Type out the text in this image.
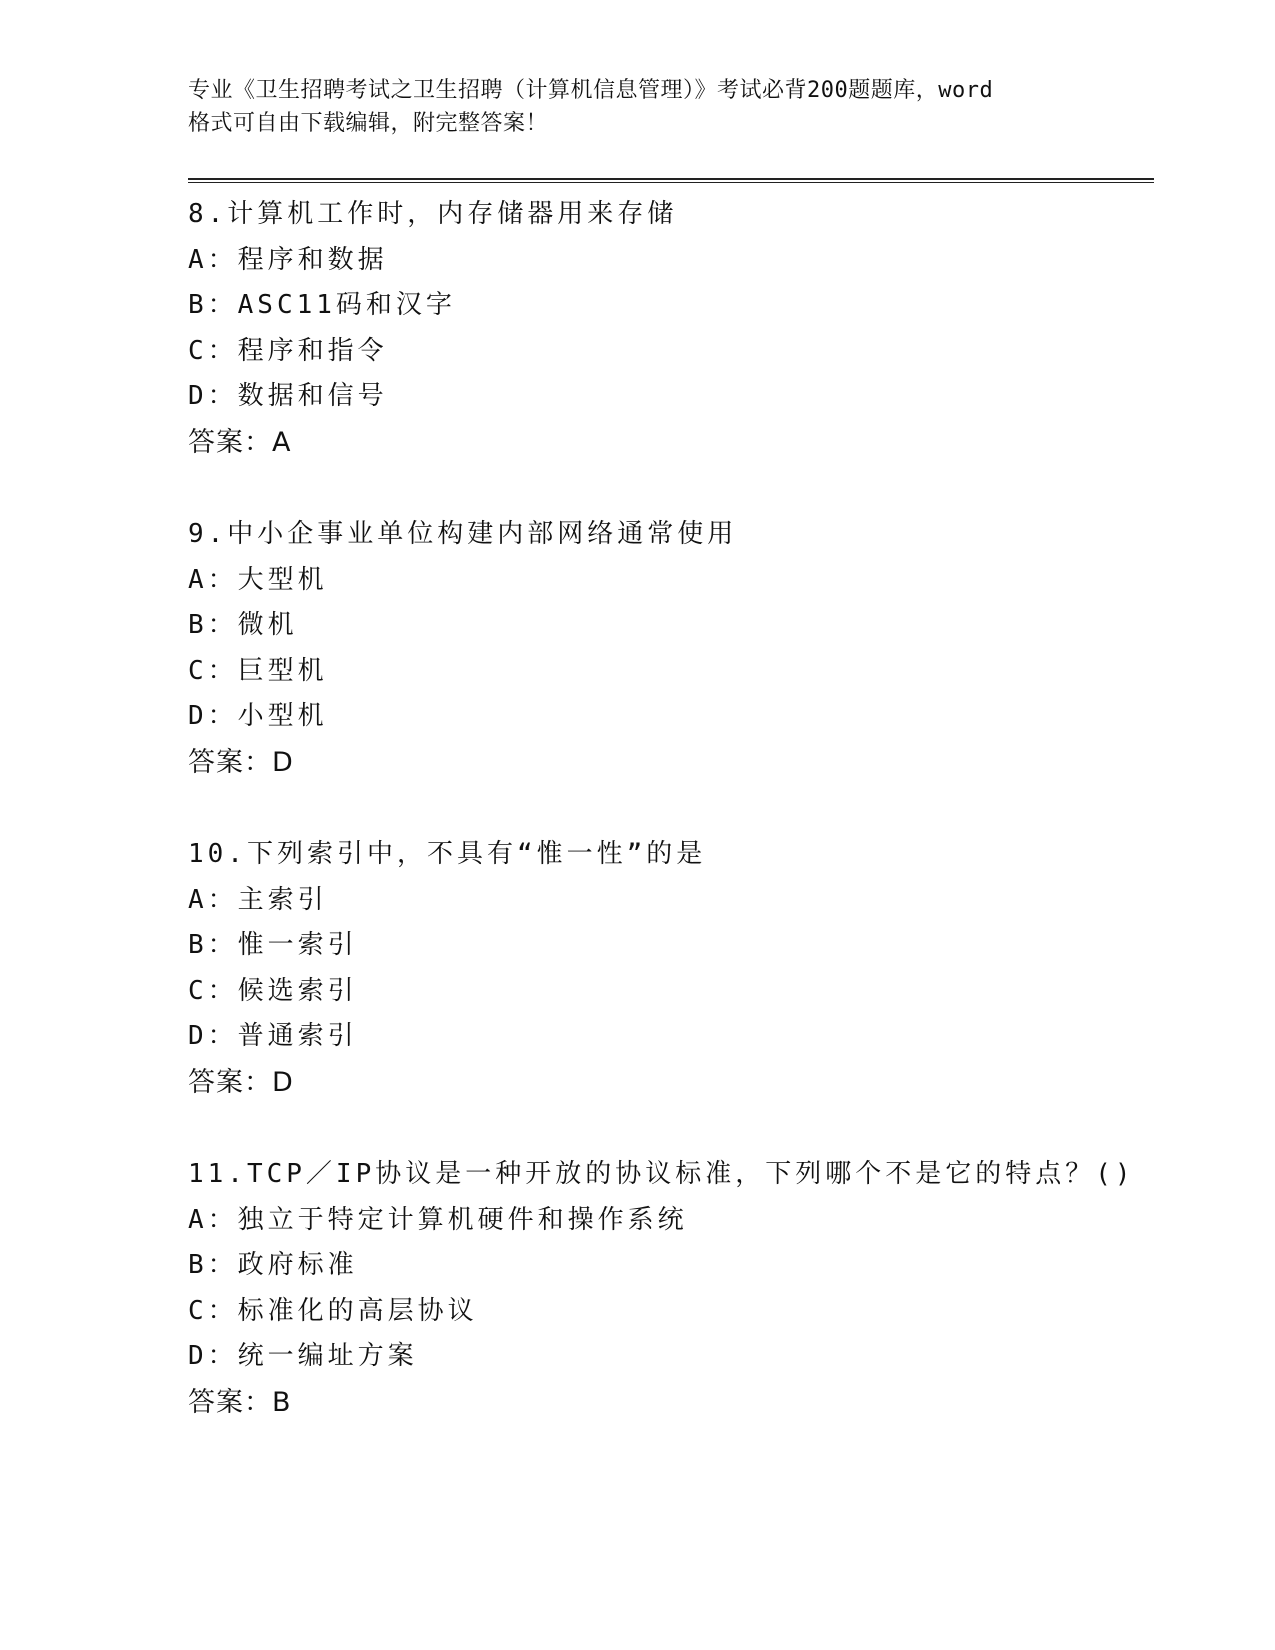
专业《卫生招聘考试之卫生招聘（计算机信息管理）》考试必背200题题库，word
格式可自由下载编辑，附完整答案！
8.计算机工作时，内存储器用来存储
A：程序和数据
B：ASC11码和汉字
C：程序和指令
D：数据和信号
答案：A
9.中小企事业单位构建内部网络通常使用
A：大型机
B：微机
C：巨型机
D：小型机
答案：D
10.下列索引中，不具有“惟一性”的是
A：主索引
B：惟一索引
C：候选索引
D：普通索引
答案：D
11.TCP／IP协议是一种开放的协议标准，下列哪个不是它的特点？()
A：独立于特定计算机硬件和操作系统
B：政府标准
C：标准化的高层协议
D：统一编址方案
答案：B
